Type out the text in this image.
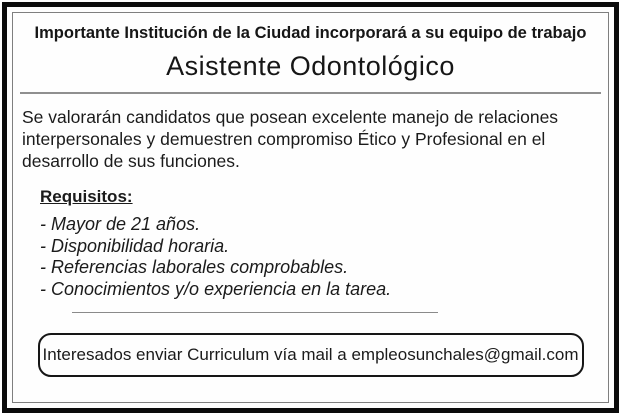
Importante Institución de la Ciudad incorporará a su equipo de trabajo
Asistente Odontológico

Se valorarán candidatos que posean excelente manejo de relaciones interpersonales y demuestren compromiso Ético y Profesional en el desarrollo de sus funciones.

Requisitos:
- Mayor de 21 años.
- Disponibilidad horaria.
- Referencias laborales comprobables.
- Conocimientos y/o experiencia en la tarea.
Interesados enviar Curriculum vía mail a empleosunchales@gmail.com
